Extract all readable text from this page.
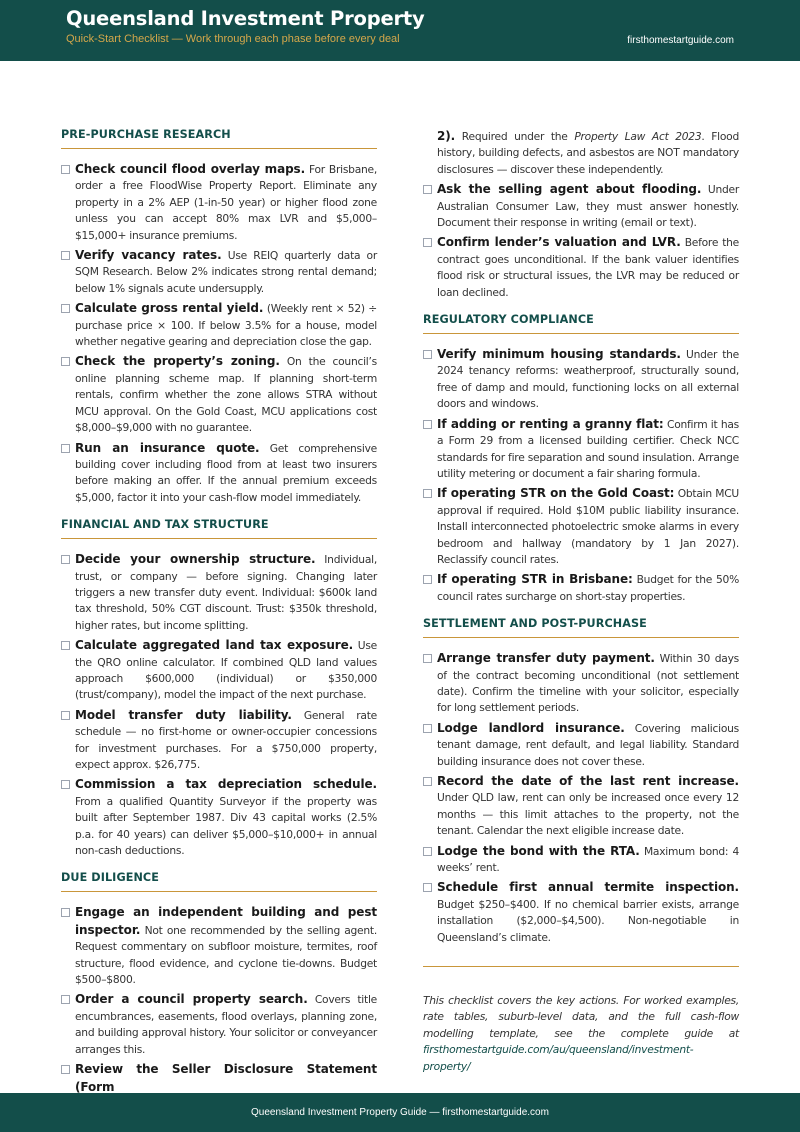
Queensland Investment Property
Quick-Start Checklist — Work through each phase before every deal	firsthomestartguide.com
PRE-PURCHASE RESEARCH
Check council flood overlay maps. For Brisbane, order a free FloodWise Property Report. Eliminate any property in a 2% AEP (1-in-50 year) or higher flood zone unless you can accept 80% max LVR and $5,000–$15,000+ insurance premiums.
Verify vacancy rates. Use REIQ quarterly data or SQM Research. Below 2% indicates strong rental demand; below 1% signals acute undersupply.
Calculate gross rental yield. (Weekly rent × 52) ÷ purchase price × 100. If below 3.5% for a house, model whether negative gearing and depreciation close the gap.
Check the property’s zoning. On the council’s online planning scheme map. If planning short-term rentals, confirm whether the zone allows STRA without MCU approval. On the Gold Coast, MCU applications cost $8,000–$9,000 with no guarantee.
Run an insurance quote. Get comprehensive building cover including flood from at least two insurers before making an offer. If the annual premium exceeds $5,000, factor it into your cash-flow model immediately.
FINANCIAL AND TAX STRUCTURE
Decide your ownership structure. Individual, trust, or company — before signing. Changing later triggers a new transfer duty event. Individual: $600k land tax threshold, 50% CGT discount. Trust: $350k threshold, higher rates, but income splitting.
Calculate aggregated land tax exposure. Use the QRO online calculator. If combined QLD land values approach $600,000 (individual) or $350,000 (trust/company), model the impact of the next purchase.
Model transfer duty liability. General rate schedule — no first-home or owner-occupier concessions for investment purchases. For a $750,000 property, expect approx. $26,775.
Commission a tax depreciation schedule. From a qualified Quantity Surveyor if the property was built after September 1987. Div 43 capital works (2.5% p.a. for 40 years) can deliver $5,000–$10,000+ in annual non-cash deductions.
DUE DILIGENCE
Engage an independent building and pest inspector. Not one recommended by the selling agent. Request commentary on subfloor moisture, termites, roof structure, flood evidence, and cyclone tie-downs. Budget $500–$800.
Order a council property search. Covers title encumbrances, easements, flood overlays, planning zone, and building approval history. Your solicitor or conveyancer arranges this.
Review the Seller Disclosure Statement (Form
2). Required under the Property Law Act 2023. Flood history, building defects, and asbestos are NOT mandatory disclosures — discover these independently.
Ask the selling agent about flooding. Under Australian Consumer Law, they must answer honestly. Document their response in writing (email or text).
Confirm lender’s valuation and LVR. Before the contract goes unconditional. If the bank valuer identifies flood risk or structural issues, the LVR may be reduced or loan declined.
REGULATORY COMPLIANCE
Verify minimum housing standards. Under the 2024 tenancy reforms: weatherproof, structurally sound, free of damp and mould, functioning locks on all external doors and windows.
If adding or renting a granny flat: Confirm it has a Form 29 from a licensed building certifier. Check NCC standards for fire separation and sound insulation. Arrange utility metering or document a fair sharing formula.
If operating STR on the Gold Coast: Obtain MCU approval if required. Hold $10M public liability insurance. Install interconnected photoelectric smoke alarms in every bedroom and hallway (mandatory by 1 Jan 2027). Reclassify council rates.
If operating STR in Brisbane: Budget for the 50% council rates surcharge on short-stay properties.
SETTLEMENT AND POST-PURCHASE
Arrange transfer duty payment. Within 30 days of the contract becoming unconditional (not settlement date). Confirm the timeline with your solicitor, especially for long settlement periods.
Lodge landlord insurance. Covering malicious tenant damage, rent default, and legal liability. Standard building insurance does not cover these.
Record the date of the last rent increase. Under QLD law, rent can only be increased once every 12 months — this limit attaches to the property, not the tenant. Calendar the next eligible increase date.
Lodge the bond with the RTA. Maximum bond: 4 weeks’ rent.
Schedule first annual termite inspection. Budget $250–$400. If no chemical barrier exists, arrange installation ($2,000–$4,500). Non-negotiable in Queensland’s climate.
This checklist covers the key actions. For worked examples, rate tables, suburb-level data, and the full cash-flow modelling template, see the complete guide at firsthomestartguide.com/au/queensland/investment-property/
Queensland Investment Property Guide — firsthomestartguide.com
